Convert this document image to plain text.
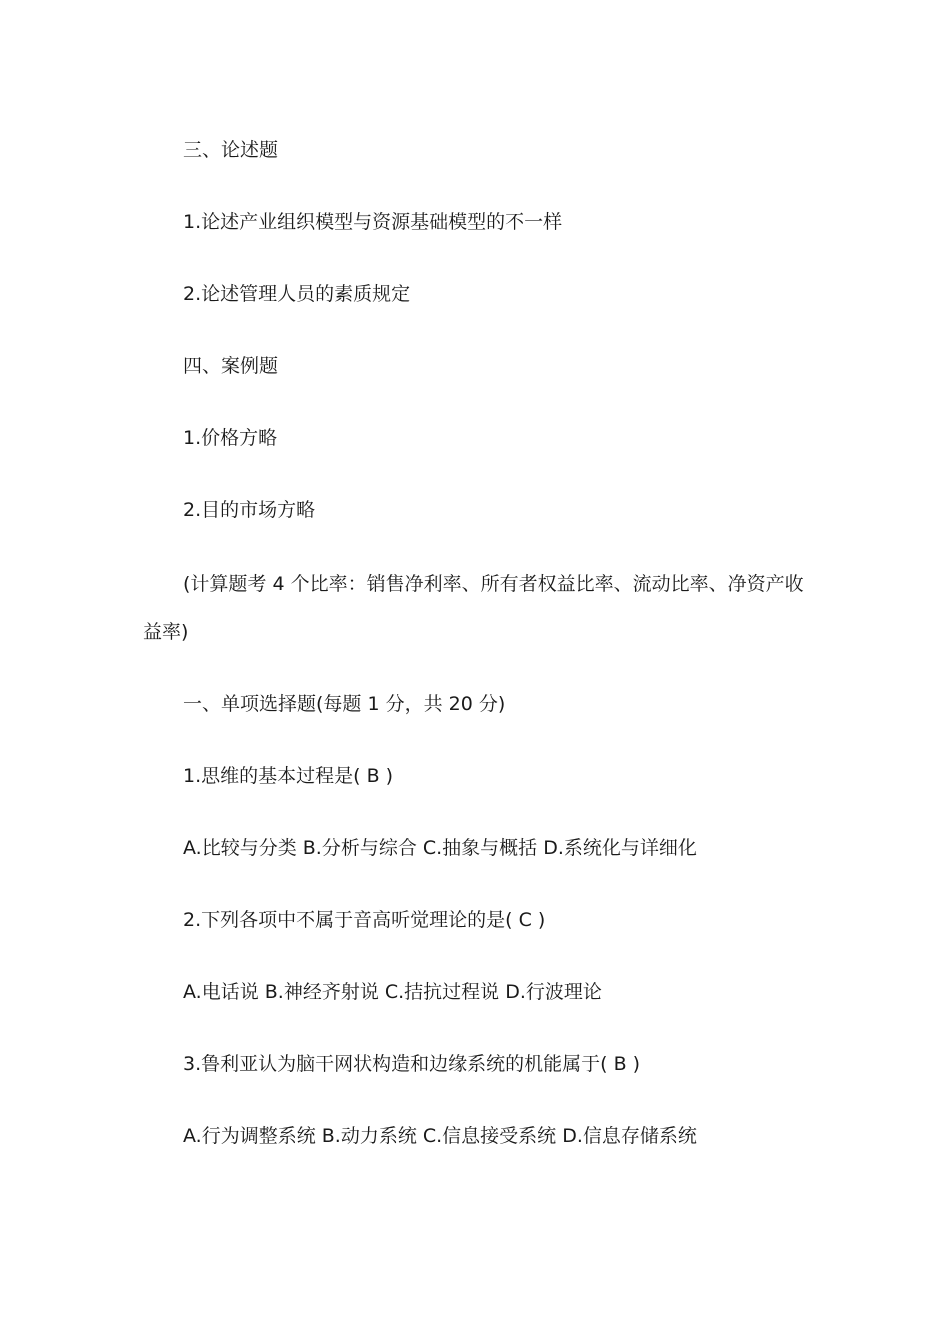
三、论述题
1.论述产业组织模型与资源基础模型的不一样
2.论述管理人员的素质规定
四、案例题
1.价格方略
2.目的市场方略
(计算题考 4 个比率：销售净利率、所有者权益比率、流动比率、净资产收
益率)
一、单项选择题(每题 1 分，共 20 分)
1.思维的基本过程是( B )
A.比较与分类 B.分析与综合 C.抽象与概括 D.系统化与详细化
2.下列各项中不属于音高听觉理论的是( C )
A.电话说 B.神经齐射说 C.拮抗过程说 D.行波理论
3.鲁利亚认为脑干网状构造和边缘系统的机能属于( B )
A.行为调整系统 B.动力系统 C.信息接受系统 D.信息存储系统
